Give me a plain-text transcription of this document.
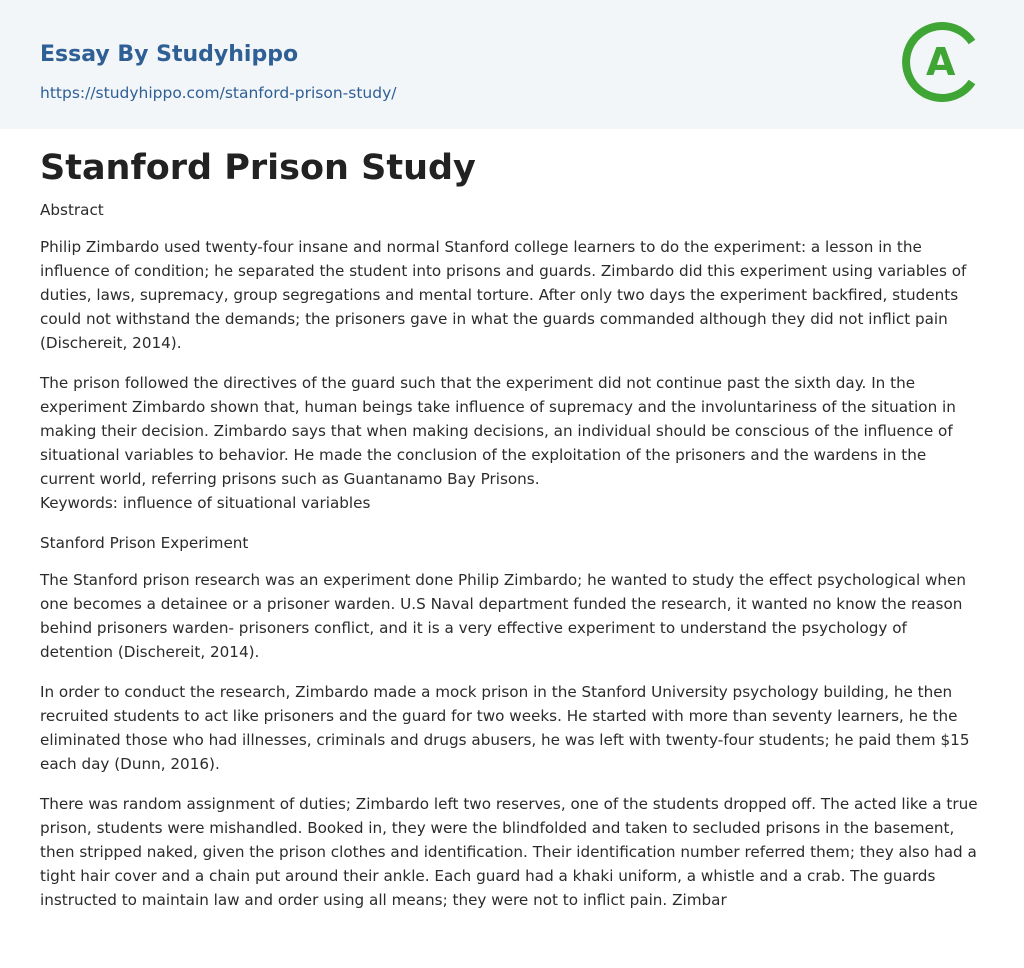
Essay By Studyhippo
https://studyhippo.com/stanford-prison-study/
A
Stanford Prison Study

Abstract

Philip Zimbardo used twenty-four insane and normal Stanford college learners to do the experiment: a lesson in the influence of condition; he separated the student into prisons and guards. Zimbardo did this experiment using variables of duties, laws, supremacy, group segregations and mental torture. After only two days the experiment backfired, students could not withstand the demands; the prisoners gave in what the guards commanded although they did not inflict pain (Dischereit, 2014).

The prison followed the directives of the guard such that the experiment did not continue past the sixth day. In the experiment Zimbardo shown that, human beings take influence of supremacy and the involuntariness of the situation in making their decision. Zimbardo says that when making decisions, an individual should be conscious of the influence of situational variables to behavior. He made the conclusion of the exploitation of the prisoners and the wardens in the current world, referring prisons such as Guantanamo Bay Prisons.

Keywords: influence of situational variables

Stanford Prison Experiment

The Stanford prison research was an experiment done Philip Zimbardo; he wanted to study the effect psychological when one becomes a detainee or a prisoner warden. U.S Naval department funded the research, it wanted no know the reason behind prisoners warden- prisoners conflict, and it is a very effective experiment to understand the psychology of detention (Dischereit, 2014).

In order to conduct the research, Zimbardo made a mock prison in the Stanford University psychology building, he then recruited students to act like prisoners and the guard for two weeks. He started with more than seventy learners, he the eliminated those who had illnesses, criminals and drugs abusers, he was left with twenty-four students; he paid them $15 each day (Dunn, 2016).

There was random assignment of duties; Zimbardo left two reserves, one of the students dropped off. The acted like a true prison, students were mishandled. Booked in, they were the blindfolded and taken to secluded prisons in the basement, then stripped naked, given the prison clothes and identification. Their identification number referred them; they also had a tight hair cover and a chain put around their ankle. Each guard had a khaki uniform, a whistle and a crab. The guards instructed to maintain law and order using all means; they were not to inflict pain. Zimbar
